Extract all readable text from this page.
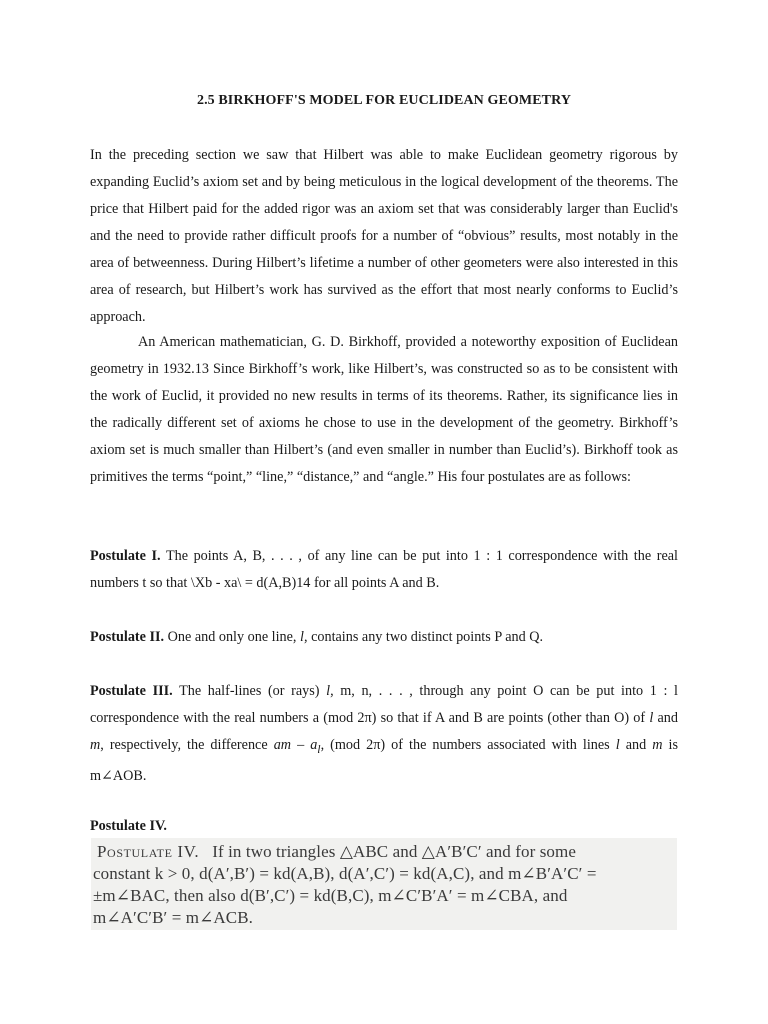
2.5 BIRKHOFF'S MODEL FOR EUCLIDEAN GEOMETRY

In the preceding section we saw that Hilbert was able to make Euclidean geometry rigorous by expanding Euclid’s axiom set and by being meticulous in the logical development of the theorems. The price that Hilbert paid for the added rigor was an axiom set that was considerably larger than Euclid's and the need to provide rather difficult proofs for a number of “obvious” results, most notably in the area of betweenness. During Hilbert’s lifetime a number of other geometers were also interested in this area of research, but Hilbert’s work has survived as the effort that most nearly conforms to Euclid’s approach.

An American mathematician, G. D. Birkhoff, provided a noteworthy exposition of Euclidean geometry in 1932.13 Since Birkhoff’s work, like Hilbert’s, was constructed so as to be consistent with the work of Euclid, it provided no new results in terms of its theorems. Rather, its significance lies in the radically different set of axioms he chose to use in the development of the geometry. Birkhoff’s axiom set is much smaller than Hilbert’s (and even smaller in number than Euclid’s). Birkhoff took as primitives the terms “point,” “line,” “distance,” and “angle.” His four postulates are as follows:

Postulate I. The points A, B, . . . , of any line can be put into 1 : 1 correspondence with the real numbers t so that \Xb - xa\ = d(A,B)14 for all points A and B.

Postulate II. One and only one line, l, contains any two distinct points P and Q.

Postulate III. The half-lines (or rays) l, m, n, . . . , through any point O can be put into 1 : l correspondence with the real numbers a (mod 2π) so that if A and B are points (other than O) of l and m, respectively, the difference am – $a_l$, (mod 2π) of the numbers associated with lines l and m is m∠AOB.

Postulate IV.

Postulate IV. If in two triangles △ABC and △A′B′C′ and for some
constant k > 0, d(A′,B′) = kd(A,B), d(A′,C′) = kd(A,C), and m∠B′A′C′ =
±m∠BAC, then also d(B′,C′) = kd(B,C), m∠C′B′A′ = m∠CBA, and
m∠A′C′B′ = m∠ACB.
